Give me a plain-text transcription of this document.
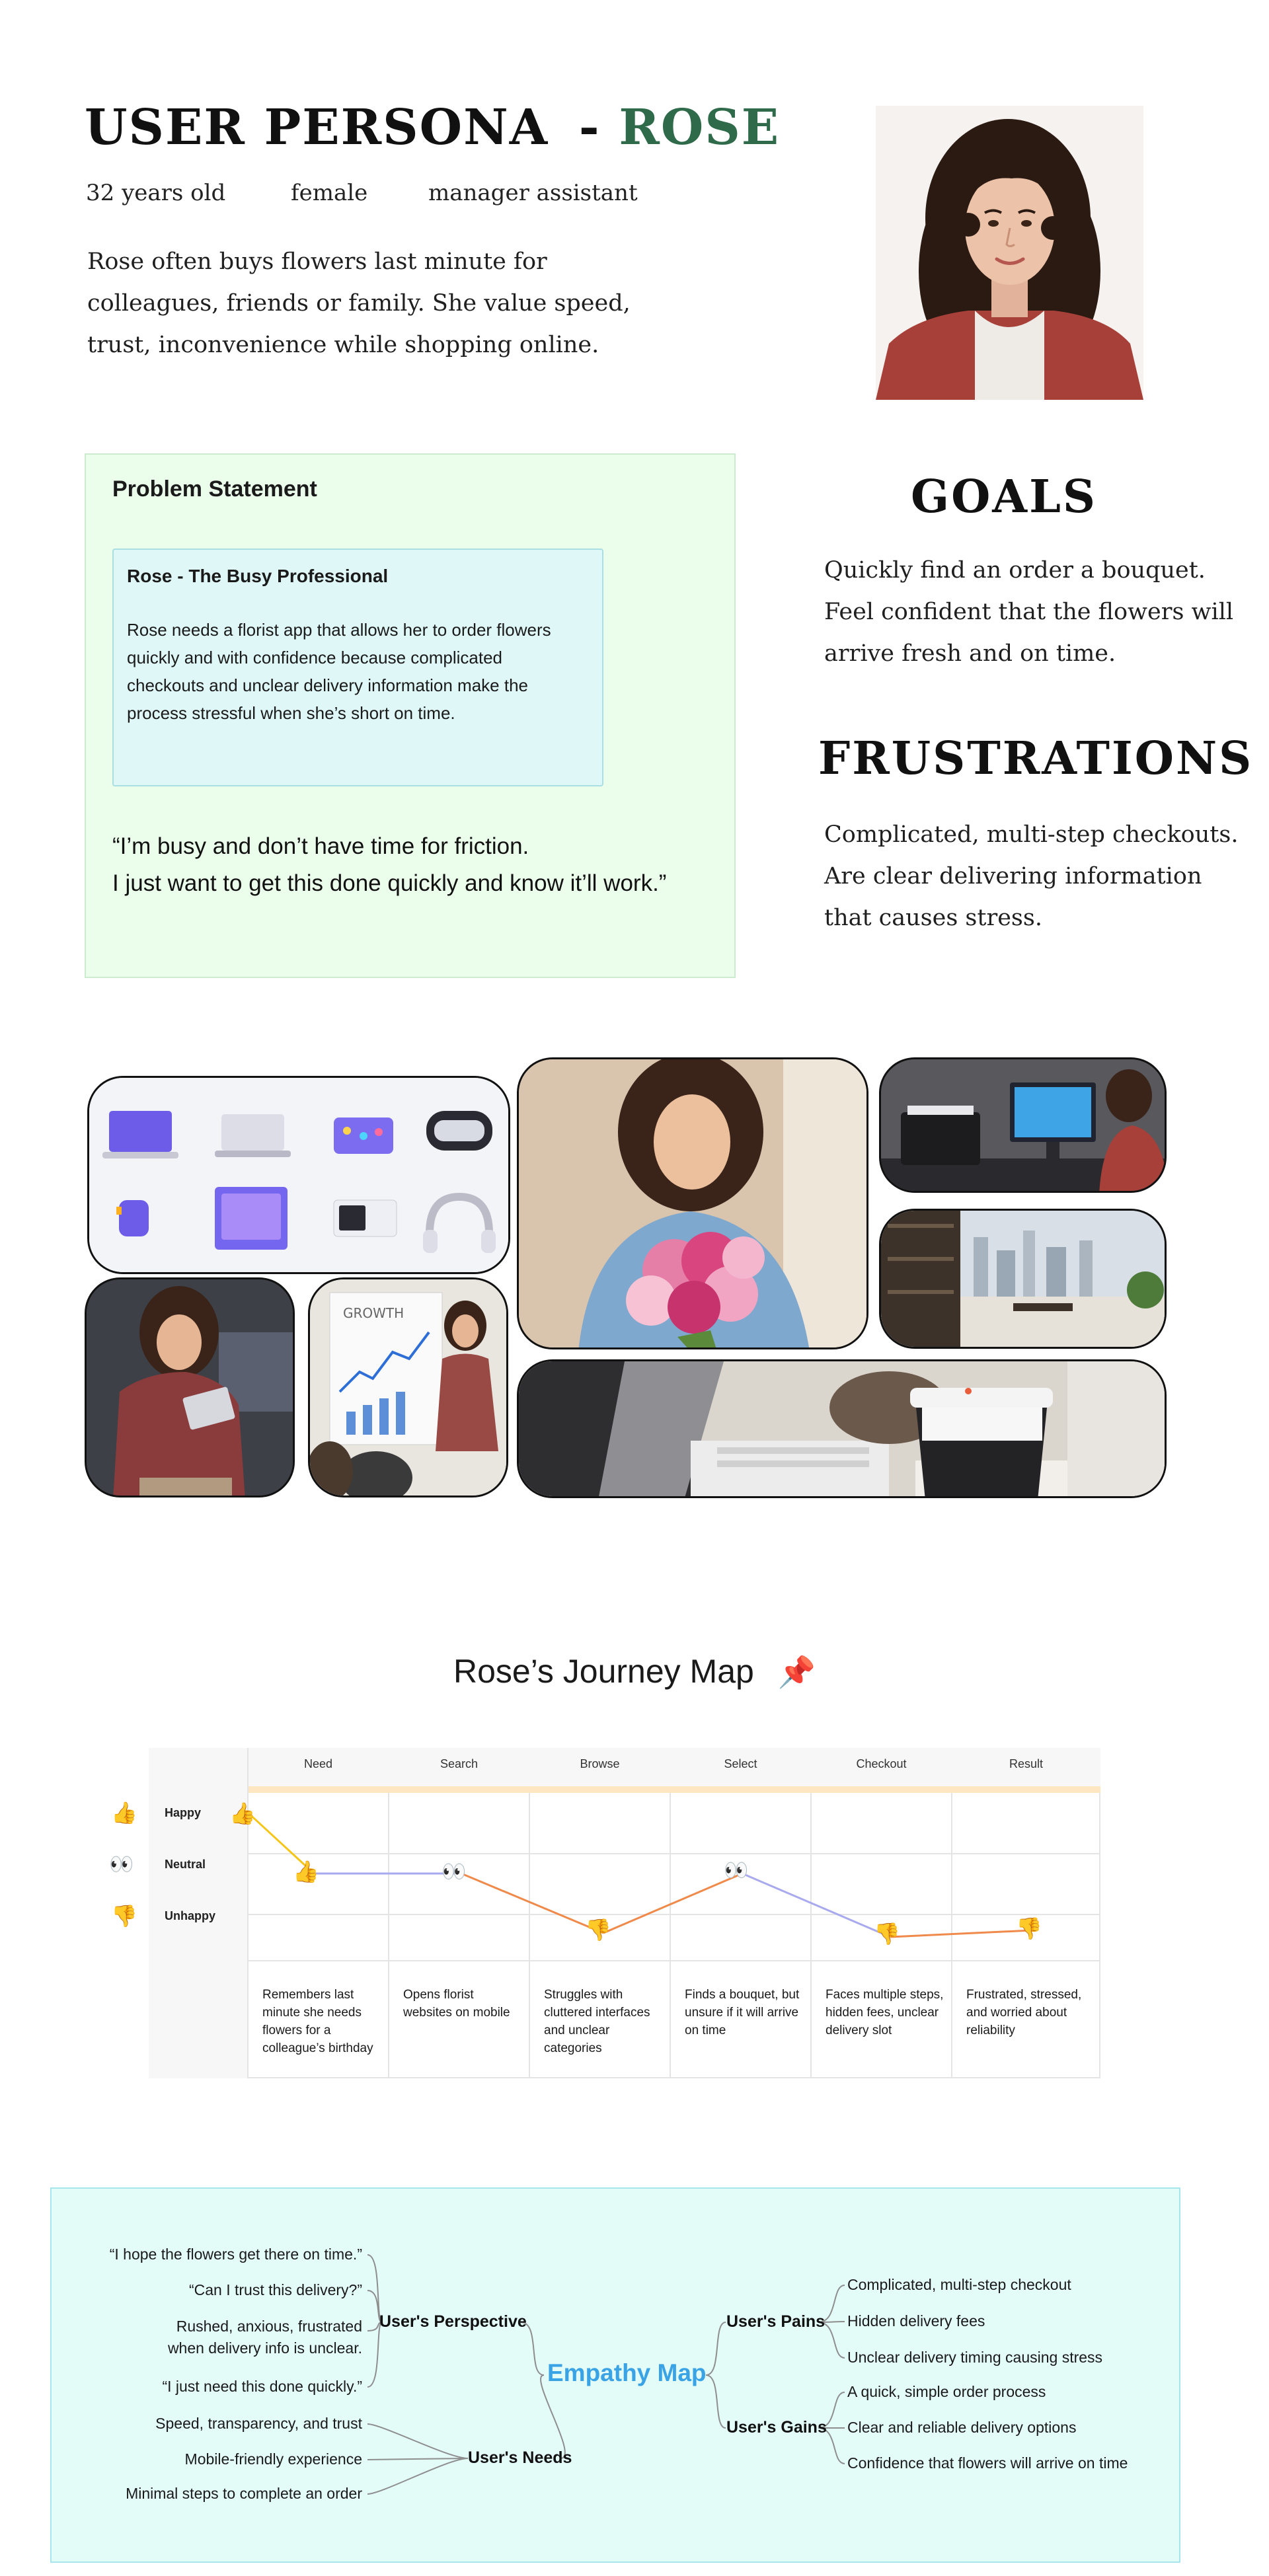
USER PERSONA - ROSE
32 years old	female	manager assistant
Rose often buys flowers last minute for colleagues, friends or family. She value speed, trust, inconvenience while shopping online.
Problem Statement
Rose - The Busy Professional
Rose needs a florist app that allows her to order flowers quickly and with confidence because complicated checkouts and unclear delivery information make the process stressful when she’s short on time.
“I’m busy and don’t have time for friction.
I just want to get this done quickly and know it’ll work.”
GOALS
Quickly find an order a bouquet. Feel confident that the flowers will arrive fresh and on time.
FRUSTRATIONS
Complicated, multi-step checkouts. Are clear delivering information that causes stress.
GROWTH
Rose’s Journey Map 📌
👍
👀
👎
Need	Search	Browse	Select	Checkout	Result
Happy
Neutral
Unhappy
👍
👍	👀
👎
👀
👎	👎
Remembers last minute she needs flowers for a colleague’s birthday
Opens florist websites on mobile
Struggles with cluttered interfaces and unclear categories
Finds a bouquet, but unsure if it will arrive on time
Faces multiple steps, hidden fees, unclear delivery slot
Frustrated, stressed, and worried about reliability
“I hope the flowers get there on time.”
“Can I trust this delivery?”
Rushed, anxious, frustrated
when delivery info is unclear.
“I just need this done quickly.”
Speed, transparency, and trust
Mobile-friendly experience
Minimal steps to complete an order
User's Perspective
User's Needs
Empathy Map
User's Pains
User's Gains
Complicated, multi-step checkout
Hidden delivery fees
Unclear delivery timing causing stress
A quick, simple order process
Clear and reliable delivery options
Confidence that flowers will arrive on time
